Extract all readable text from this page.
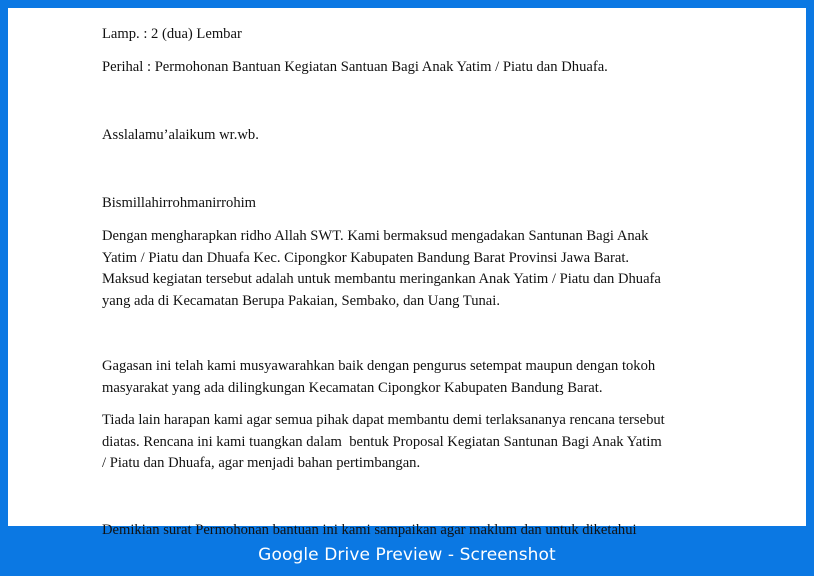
Lamp. : 2 (dua) Lembar

Perihal : Permohonan Bantuan Kegiatan Santuan Bagi Anak Yatim / Piatu dan Dhuafa.

Asslalamu’alaikum wr.wb.

Bismillahirrohmanirrohim

Dengan mengharapkan ridho Allah SWT. Kami bermaksud mengadakan Santunan Bagi Anak

Yatim / Piatu dan Dhuafa Kec. Cipongkor Kabupaten Bandung Barat Provinsi Jawa Barat.

Maksud kegiatan tersebut adalah untuk membantu meringankan Anak Yatim / Piatu dan Dhuafa

yang ada di Kecamatan Berupa Pakaian, Sembako, dan Uang Tunai.

Gagasan ini telah kami musyawarahkan baik dengan pengurus setempat maupun dengan tokoh

masyarakat yang ada dilingkungan Kecamatan Cipongkor Kabupaten Bandung Barat.

Tiada lain harapan kami agar semua pihak dapat membantu demi terlaksananya rencana tersebut

diatas. Rencana ini kami tuangkan dalam  bentuk Proposal Kegiatan Santunan Bagi Anak Yatim

/ Piatu dan Dhuafa, agar menjadi bahan pertimbangan.

Demikian surat Permohonan bantuan ini kami sampaikan agar maklum dan untuk diketahui

Google Drive Preview - Screenshot
